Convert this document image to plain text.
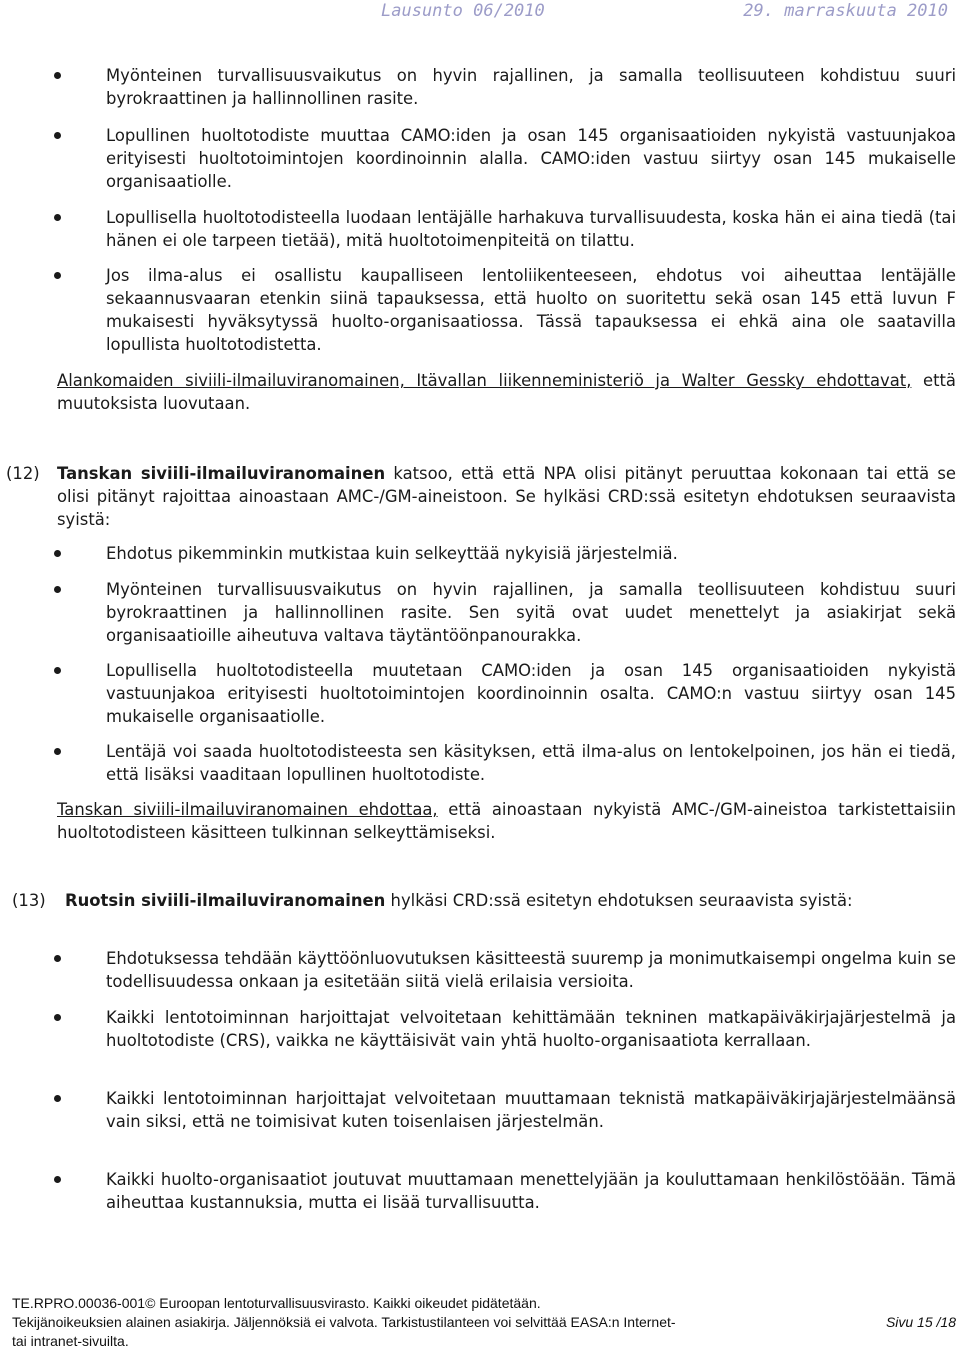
Lausunto 06/2010	29. marraskuuta 2010
Myönteinen turvallisuusvaikutus on hyvin rajallinen, ja samalla teollisuuteen kohdistuu suuri byrokraattinen ja hallinnollinen rasite.
Lopullinen huoltotodiste muuttaa CAMO:iden ja osan 145 organisaatioiden nykyistä vastuunjakoa erityisesti huoltotoimintojen koordinoinnin alalla. CAMO:iden vastuu siirtyy osan 145 mukaiselle organisaatiolle.
Lopullisella huoltotodisteella luodaan lentäjälle harhakuva turvallisuudesta, koska hän ei aina tiedä (tai hänen ei ole tarpeen tietää), mitä huoltotoimenpiteitä on tilattu.
Jos ilma-alus ei osallistu kaupalliseen lentoliikenteeseen, ehdotus voi aiheuttaa lentäjälle sekaannusvaaran etenkin siinä tapauksessa, että huolto on suoritettu sekä osan 145 että luvun F mukaisesti hyväksytyssä huolto-organisaatiossa. Tässä tapauksessa ei ehkä aina ole saatavilla lopullista huoltotodistetta.
Alankomaiden siviili-ilmailuviranomainen, Itävallan liikenneministeriö ja Walter Gessky ehdottavat, että muutoksista luovutaan.
(12) Tanskan siviili-ilmailuviranomainen katsoo, että että NPA olisi pitänyt peruuttaa kokonaan tai että se olisi pitänyt rajoittaa ainoastaan AMC-/GM-aineistoon. Se hylkäsi CRD:ssä esitetyn ehdotuksen seuraavista syistä:
Ehdotus pikemminkin mutkistaa kuin selkeyttää nykyisiä järjestelmiä.
Myönteinen turvallisuusvaikutus on hyvin rajallinen, ja samalla teollisuuteen kohdistuu suuri byrokraattinen ja hallinnollinen rasite. Sen syitä ovat uudet menettelyt ja asiakirjat sekä organisaatioille aiheutuva valtava täytäntöönpanourakka.
Lopullisella huoltotodisteella muutetaan CAMO:iden ja osan 145 organisaatioiden nykyistä vastuunjakoa erityisesti huoltotoimintojen koordinoinnin osalta. CAMO:n vastuu siirtyy osan 145 mukaiselle organisaatiolle.
Lentäjä voi saada huoltotodisteesta sen käsityksen, että ilma-alus on lentokelpoinen, jos hän ei tiedä, että lisäksi vaaditaan lopullinen huoltotodiste.
Tanskan siviili-ilmailuviranomainen ehdottaa, että ainoastaan nykyistä AMC-/GM-aineistoa tarkistettaisiin huoltotodisteen käsitteen tulkinnan selkeyttämiseksi.
(13) Ruotsin siviili-ilmailuviranomainen hylkäsi CRD:ssä esitetyn ehdotuksen seuraavista syistä:
Ehdotuksessa tehdään käyttöönluovutuksen käsitteestä suuremp ja monimutkaisempi ongelma kuin se todellisuudessa onkaan ja esitetään siitä vielä erilaisia versioita.
Kaikki lentotoiminnan harjoittajat velvoitetaan kehittämään tekninen matkapäiväkirjajärjestelmä ja huoltotodiste (CRS), vaikka ne käyttäisivät vain yhtä huolto-organisaatiota kerrallaan.
Kaikki lentotoiminnan harjoittajat velvoitetaan muuttamaan teknistä matkapäiväkirjajärjestelmäänsä vain siksi, että ne toimisivat kuten toisenlaisen järjestelmän.
Kaikki huolto-organisaatiot joutuvat muuttamaan menettelyjään ja kouluttamaan henkilöstöään. Tämä aiheuttaa kustannuksia, mutta ei lisää turvallisuutta.
TE.RPRO.00036-001© Euroopan lentoturvallisuusvirasto. Kaikki oikeudet pidätetään.
Tekijänoikeuksien alainen asiakirja. Jäljennöksiä ei valvota. Tarkistustilanteen voi selvittää EASA:n Internet-
tai intranet-sivuilta.
Sivu 15 /18
